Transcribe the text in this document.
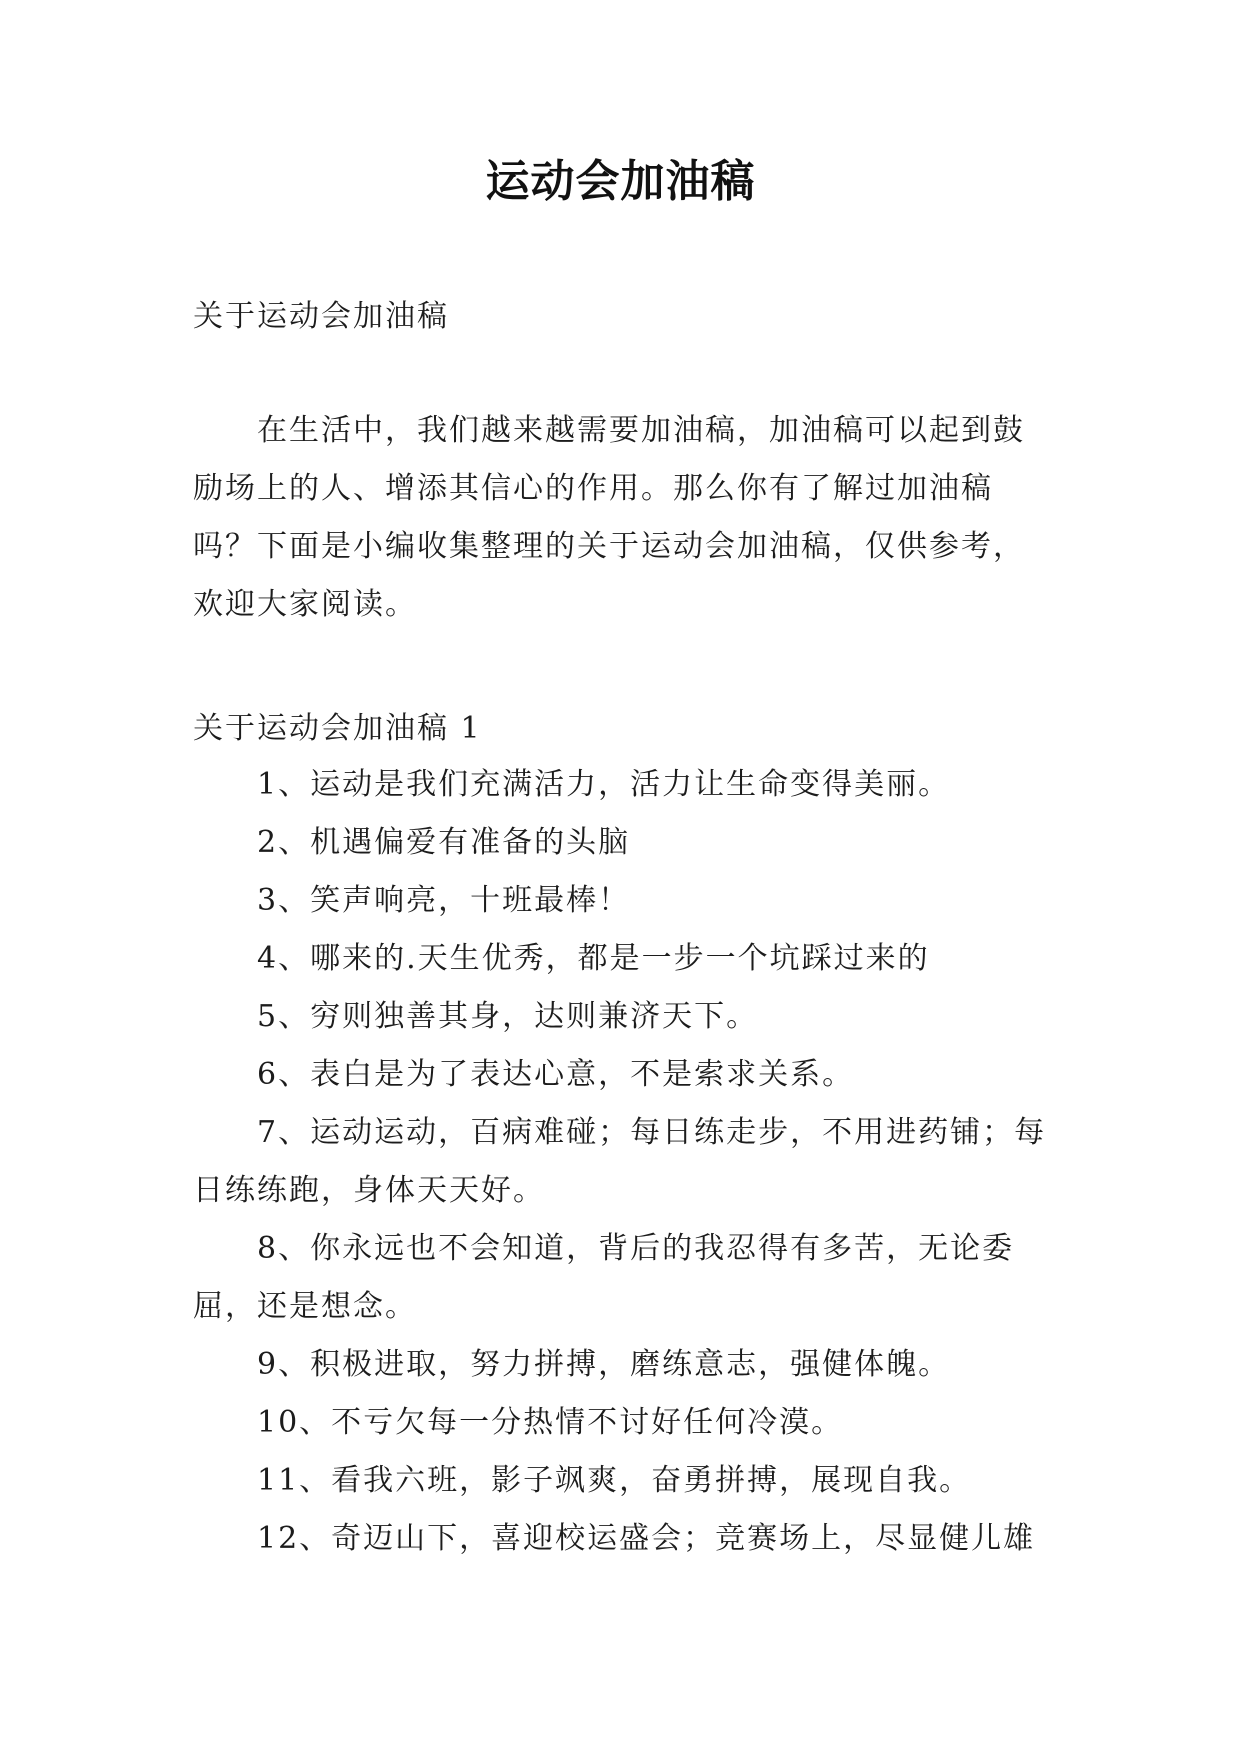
运动会加油稿
关于运动会加油稿
在生活中，我们越来越需要加油稿，加油稿可以起到鼓励场上的人、增添其信心的作用。那么你有了解过加油稿吗？下面是小编收集整理的关于运动会加油稿，仅供参考，欢迎大家阅读。
关于运动会加油稿 1
1、运动是我们充满活力，活力让生命变得美丽。
2、机遇偏爱有准备的头脑
3、笑声响亮，十班最棒！
4、哪来的.天生优秀，都是一步一个坑踩过来的
5、穷则独善其身，达则兼济天下。
6、表白是为了表达心意，不是索求关系。
7、运动运动，百病难碰；每日练走步，不用进药铺；每日练练跑，身体天天好。
8、你永远也不会知道，背后的我忍得有多苦，无论委屈，还是想念。
9、积极进取，努力拼搏，磨练意志，强健体魄。
10、不亏欠每一分热情不讨好任何冷漠。
11、看我六班，影子飒爽，奋勇拼搏，展现自我。
12、奇迈山下，喜迎校运盛会；竞赛场上，尽显健儿雄
